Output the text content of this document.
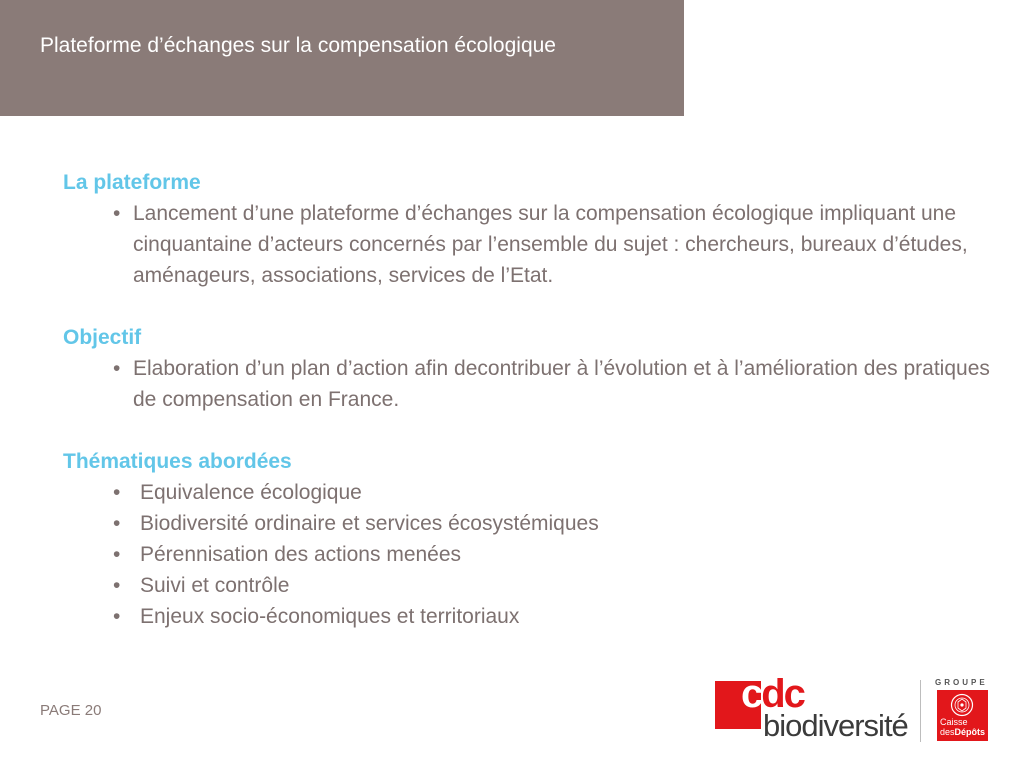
Plateforme d’échanges sur la compensation écologique
La plateforme
• Lancement d’une plateforme d’échanges sur la compensation écologique impliquant une cinquantaine d’acteurs concernés par l’ensemble du sujet : chercheurs, bureaux d’études, aménageurs, associations, services de l’Etat.
Objectif
• Elaboration d’un plan d’action afin decontribuer à l’évolution et à l’amélioration des pratiques de compensation en France.
Thématiques abordées
• Equivalence écologique
• Biodiversité ordinaire et services écosystémiques
• Pérennisation des actions menées
• Suivi et contrôle
• Enjeux socio-économiques et territoriaux
PAGE 20	cdc
biodiversité
GROUPE
Caisse
desDépôts
